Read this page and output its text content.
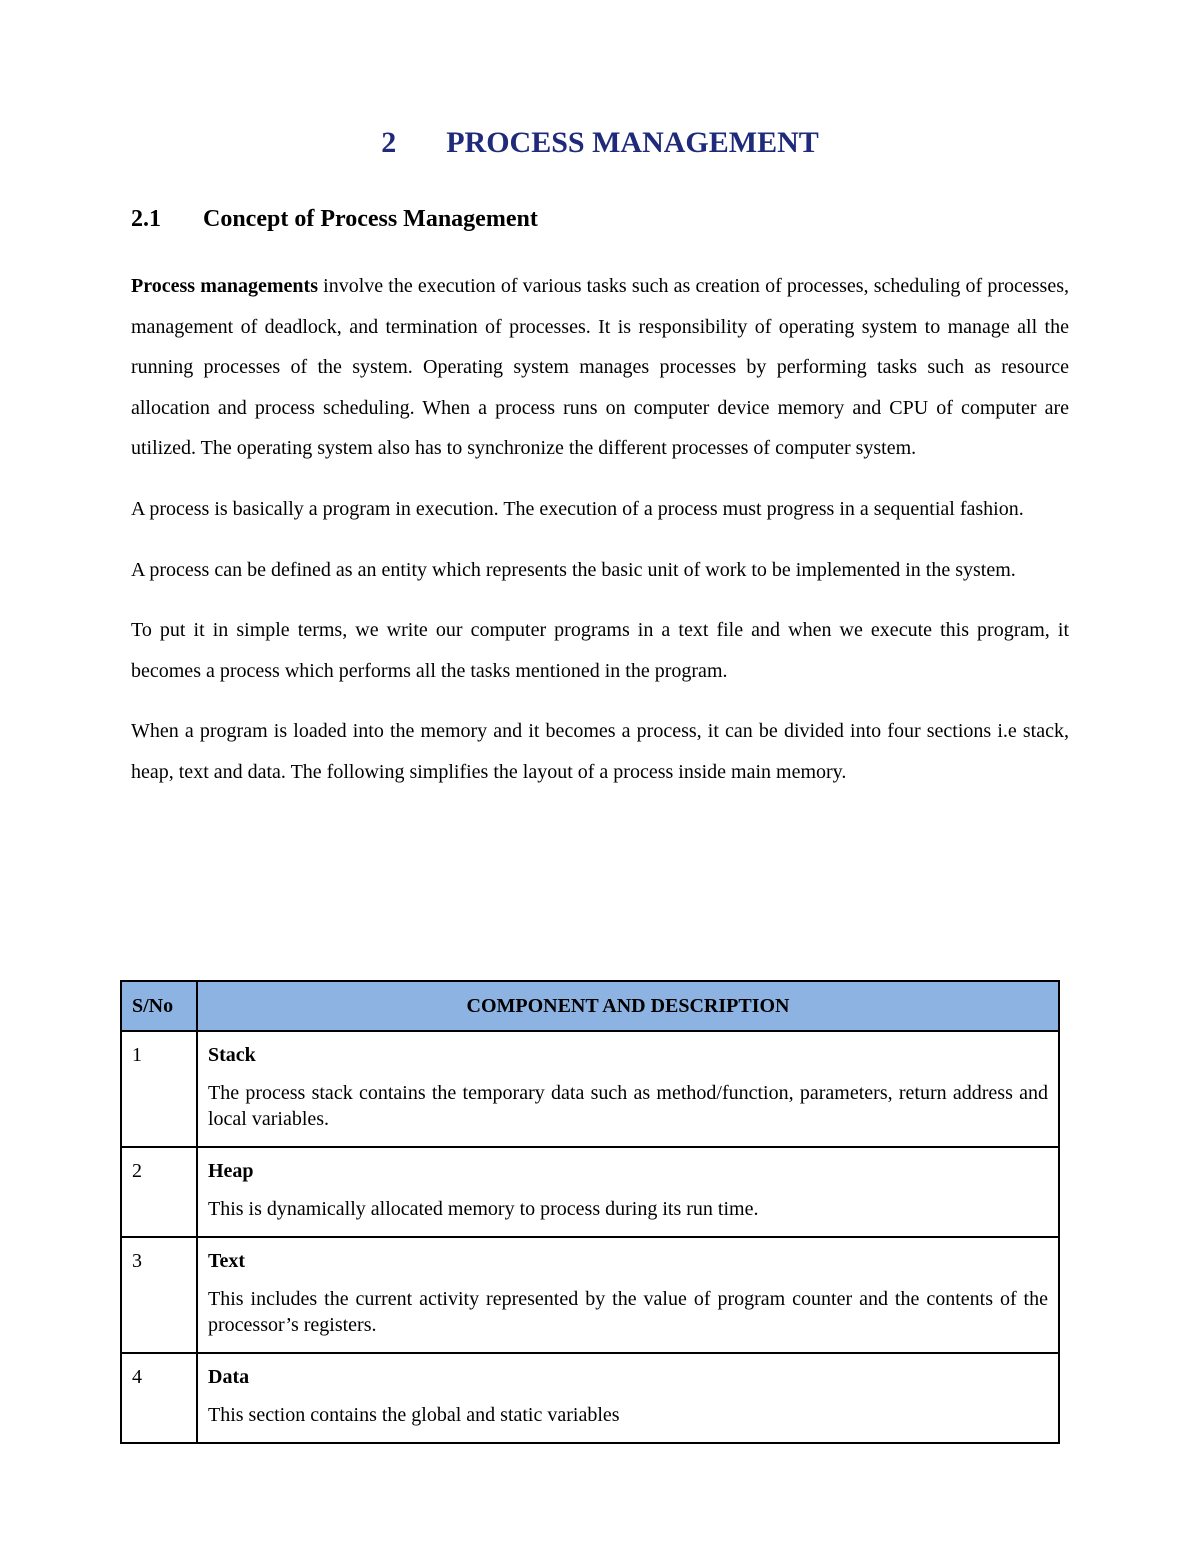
2 PROCESS MANAGEMENT
2.1 Concept of Process Management

Process managements involve the execution of various tasks such as creation of processes, scheduling of processes, management of deadlock, and termination of processes. It is responsibility of operating system to manage all the running processes of the system. Operating system manages processes by performing tasks such as resource allocation and process scheduling. When a process runs on computer device memory and CPU of computer are utilized. The operating system also has to synchronize the different processes of computer system.

A process is basically a program in execution. The execution of a process must progress in a sequential fashion.

A process can be defined as an entity which represents the basic unit of work to be implemented in the system.

To put it in simple terms, we write our computer programs in a text file and when we execute this program, it becomes a process which performs all the tasks mentioned in the program.

When a program is loaded into the memory and it becomes a process, it can be divided into four sections i.e stack, heap, text and data. The following simplifies the layout of a process inside main memory.

S/No	COMPONENT AND DESCRIPTION
1	Stack
The process stack contains the temporary data such as method/function, parameters, return address and local variables.

2	Heap
This is dynamically allocated memory to process during its run time.

3	Text
This includes the current activity represented by the value of program counter and the contents of the processor’s registers.

4	Data
This section contains the global and static variables
